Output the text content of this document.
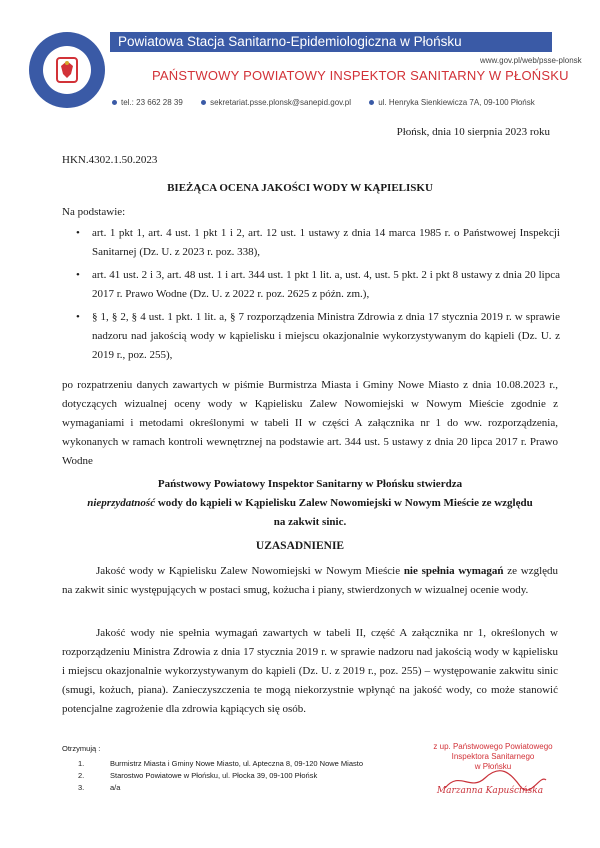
Powiatowa Stacja Sanitarno-Epidemiologiczna w Płońsku
www.gov.pl/web/psse-plonsk
PAŃSTWOWY POWIATOWY INSPEKTOR SANITARNY W PŁOŃSKU
tel.: 23 662 28 39	sekretariat.psse.plonsk@sanepid.gov.pl	ul. Henryka Sienkiewicza 7A, 09-100 Płońsk
Płońsk, dnia 10 sierpnia 2023 roku
HKN.4302.1.50.2023
BIEŻĄCA OCENA JAKOŚCI WODY W KĄPIELISKU
Na podstawie:
• art. 1 pkt 1, art. 4 ust. 1 pkt 1 i 2, art. 12 ust. 1 ustawy z dnia 14 marca 1985 r. o Państwowej Inspekcji Sanitarnej (Dz. U. z 2023 r. poz. 338),
• art. 41 ust. 2 i 3, art. 48 ust. 1 i art. 344 ust. 1 pkt 1 lit. a, ust. 4, ust. 5 pkt. 2 i pkt 8 ustawy z dnia 20 lipca 2017 r. Prawo Wodne (Dz. U. z 2022 r. poz. 2625 z późn. zm.),
• § 1, § 2, § 4 ust. 1 pkt. 1 lit. a, § 7 rozporządzenia Ministra Zdrowia z dnia 17 stycznia 2019 r. w sprawie nadzoru nad jakością wody w kąpielisku i miejscu okazjonalnie wykorzystywanym do kąpieli (Dz. U. z 2019 r., poz. 255),
po rozpatrzeniu danych zawartych w piśmie Burmistrza Miasta i Gminy Nowe Miasto z dnia 10.08.2023 r., dotyczących wizualnej oceny wody w Kąpielisku Zalew Nowomiejski w Nowym Mieście zgodnie z wymaganiami i metodami określonymi w tabeli II w części A załącznika nr 1 do ww. rozporządzenia, wykonanych w ramach kontroli wewnętrznej na podstawie art. 344 ust. 5 ustawy z dnia 20 lipca 2017 r. Prawo Wodne
Państwowy Powiatowy Inspektor Sanitarny w Płońsku stwierdza
nieprzydatność wody do kąpieli w Kąpielisku Zalew Nowomiejski w Nowym Mieście ze względu
na zakwit sinic.
UZASADNIENIE
Jakość wody w Kąpielisku Zalew Nowomiejski w Nowym Mieście nie spełnia wymagań ze względu na zakwit sinic występujących w postaci smug, kożucha i piany, stwierdzonych w wizualnej ocenie wody.
Jakość wody nie spełnia wymagań zawartych w tabeli II, część A załącznika nr 1, określonych w rozporządzeniu Ministra Zdrowia z dnia 17 stycznia 2019 r. w sprawie nadzoru nad jakością wody w kąpielisku i miejscu okazjonalnie wykorzystywanym do kąpieli (Dz. U. z 2019 r., poz. 255) – występowanie zakwitu sinic (smugi, kożuch, piana). Zanieczyszczenia te mogą niekorzystnie wpłynąć na jakość wody, co może stanowić potencjalne zagrożenie dla zdrowia kąpiących się osób.
Otrzymują :
1.	Burmistrz Miasta i Gminy Nowe Miasto, ul. Apteczna 8, 09-120 Nowe Miasto
2.	Starostwo Powiatowe w Płońsku, ul. Płocka 39, 09-100 Płońsk
3.	a/a
z up. Państwowego Powiatowego
Inspektora Sanitarnego
w Płońsku
Marzanna Kapuścińska
